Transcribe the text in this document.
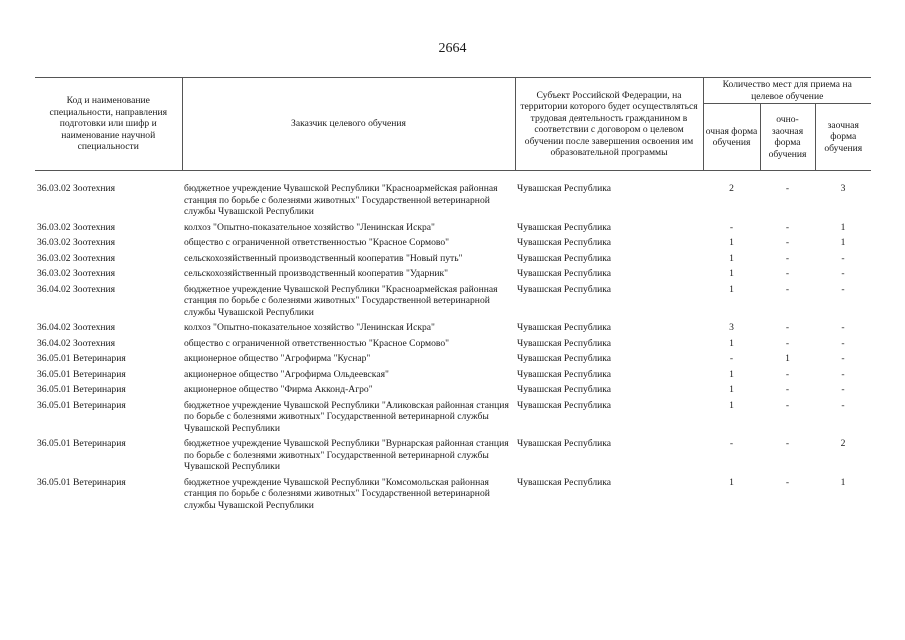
2664
Код и наименование специальности, направления подготовки или шифр и наименование научной специальности	Заказчик целевого обучения	Субъект Российской Федерации, на территории которого будет осуществляться трудовая деятельность гражданином в соответствии с договором о целевом обучении после завершения освоения им образовательной программы	Количество мест для приема на целевое обучение		
			очная форма обучения	очно-заочная форма обучения	заочная форма обучения
36.03.02 Зоотехния	бюджетное учреждение Чувашской Республики "Красноармейская районная станция по борьбе с болезнями животных" Государственной ветеринарной службы Чувашской Республики	Чувашская Республика	2	-	3
36.03.02 Зоотехния	колхоз "Опытно-показательное хозяйство "Ленинская Искра"	Чувашская Республика	-	-	1
36.03.02 Зоотехния	общество с ограниченной ответственностью "Красное Сормово"	Чувашская Республика	1	-	1
36.03.02 Зоотехния	сельскохозяйственный производственный кооператив "Новый путь"	Чувашская Республика	1	-	-
36.03.02 Зоотехния	сельскохозяйственный производственный кооператив "Ударник"	Чувашская Республика	1	-	-
36.04.02 Зоотехния	бюджетное учреждение Чувашской Республики "Красноармейская районная станция по борьбе с болезнями животных" Государственной ветеринарной службы Чувашской Республики	Чувашская Республика	1	-	-
36.04.02 Зоотехния	колхоз "Опытно-показательное хозяйство "Ленинская Искра"	Чувашская Республика	3	-	-
36.04.02 Зоотехния	общество с ограниченной ответственностью "Красное Сормово"	Чувашская Республика	1	-	-
36.05.01 Ветеринария	акционерное общество "Агрофирма "Куснар"	Чувашская Республика	-	1	-
36.05.01 Ветеринария	акционерное общество "Агрофирма Ольдеевская"	Чувашская Республика	1	-	-
36.05.01 Ветеринария	акционерное общество "Фирма Акконд-Агро"	Чувашская Республика	1	-	-
36.05.01 Ветеринария	бюджетное учреждение Чувашской Республики "Аликовская районная станция по борьбе с болезнями животных" Государственной ветеринарной службы Чувашской Республики	Чувашская Республика	1	-	-
36.05.01 Ветеринария	бюджетное учреждение Чувашской Республики "Вурнарская районная станция по борьбе с болезнями животных" Государственной ветеринарной службы Чувашской Республики	Чувашская Республика	-	-	2
36.05.01 Ветеринария	бюджетное учреждение Чувашской Республики "Комсомольская районная станция по борьбе с болезнями животных" Государственной ветеринарной службы Чувашской Республики	Чувашская Республика	1	-	1
